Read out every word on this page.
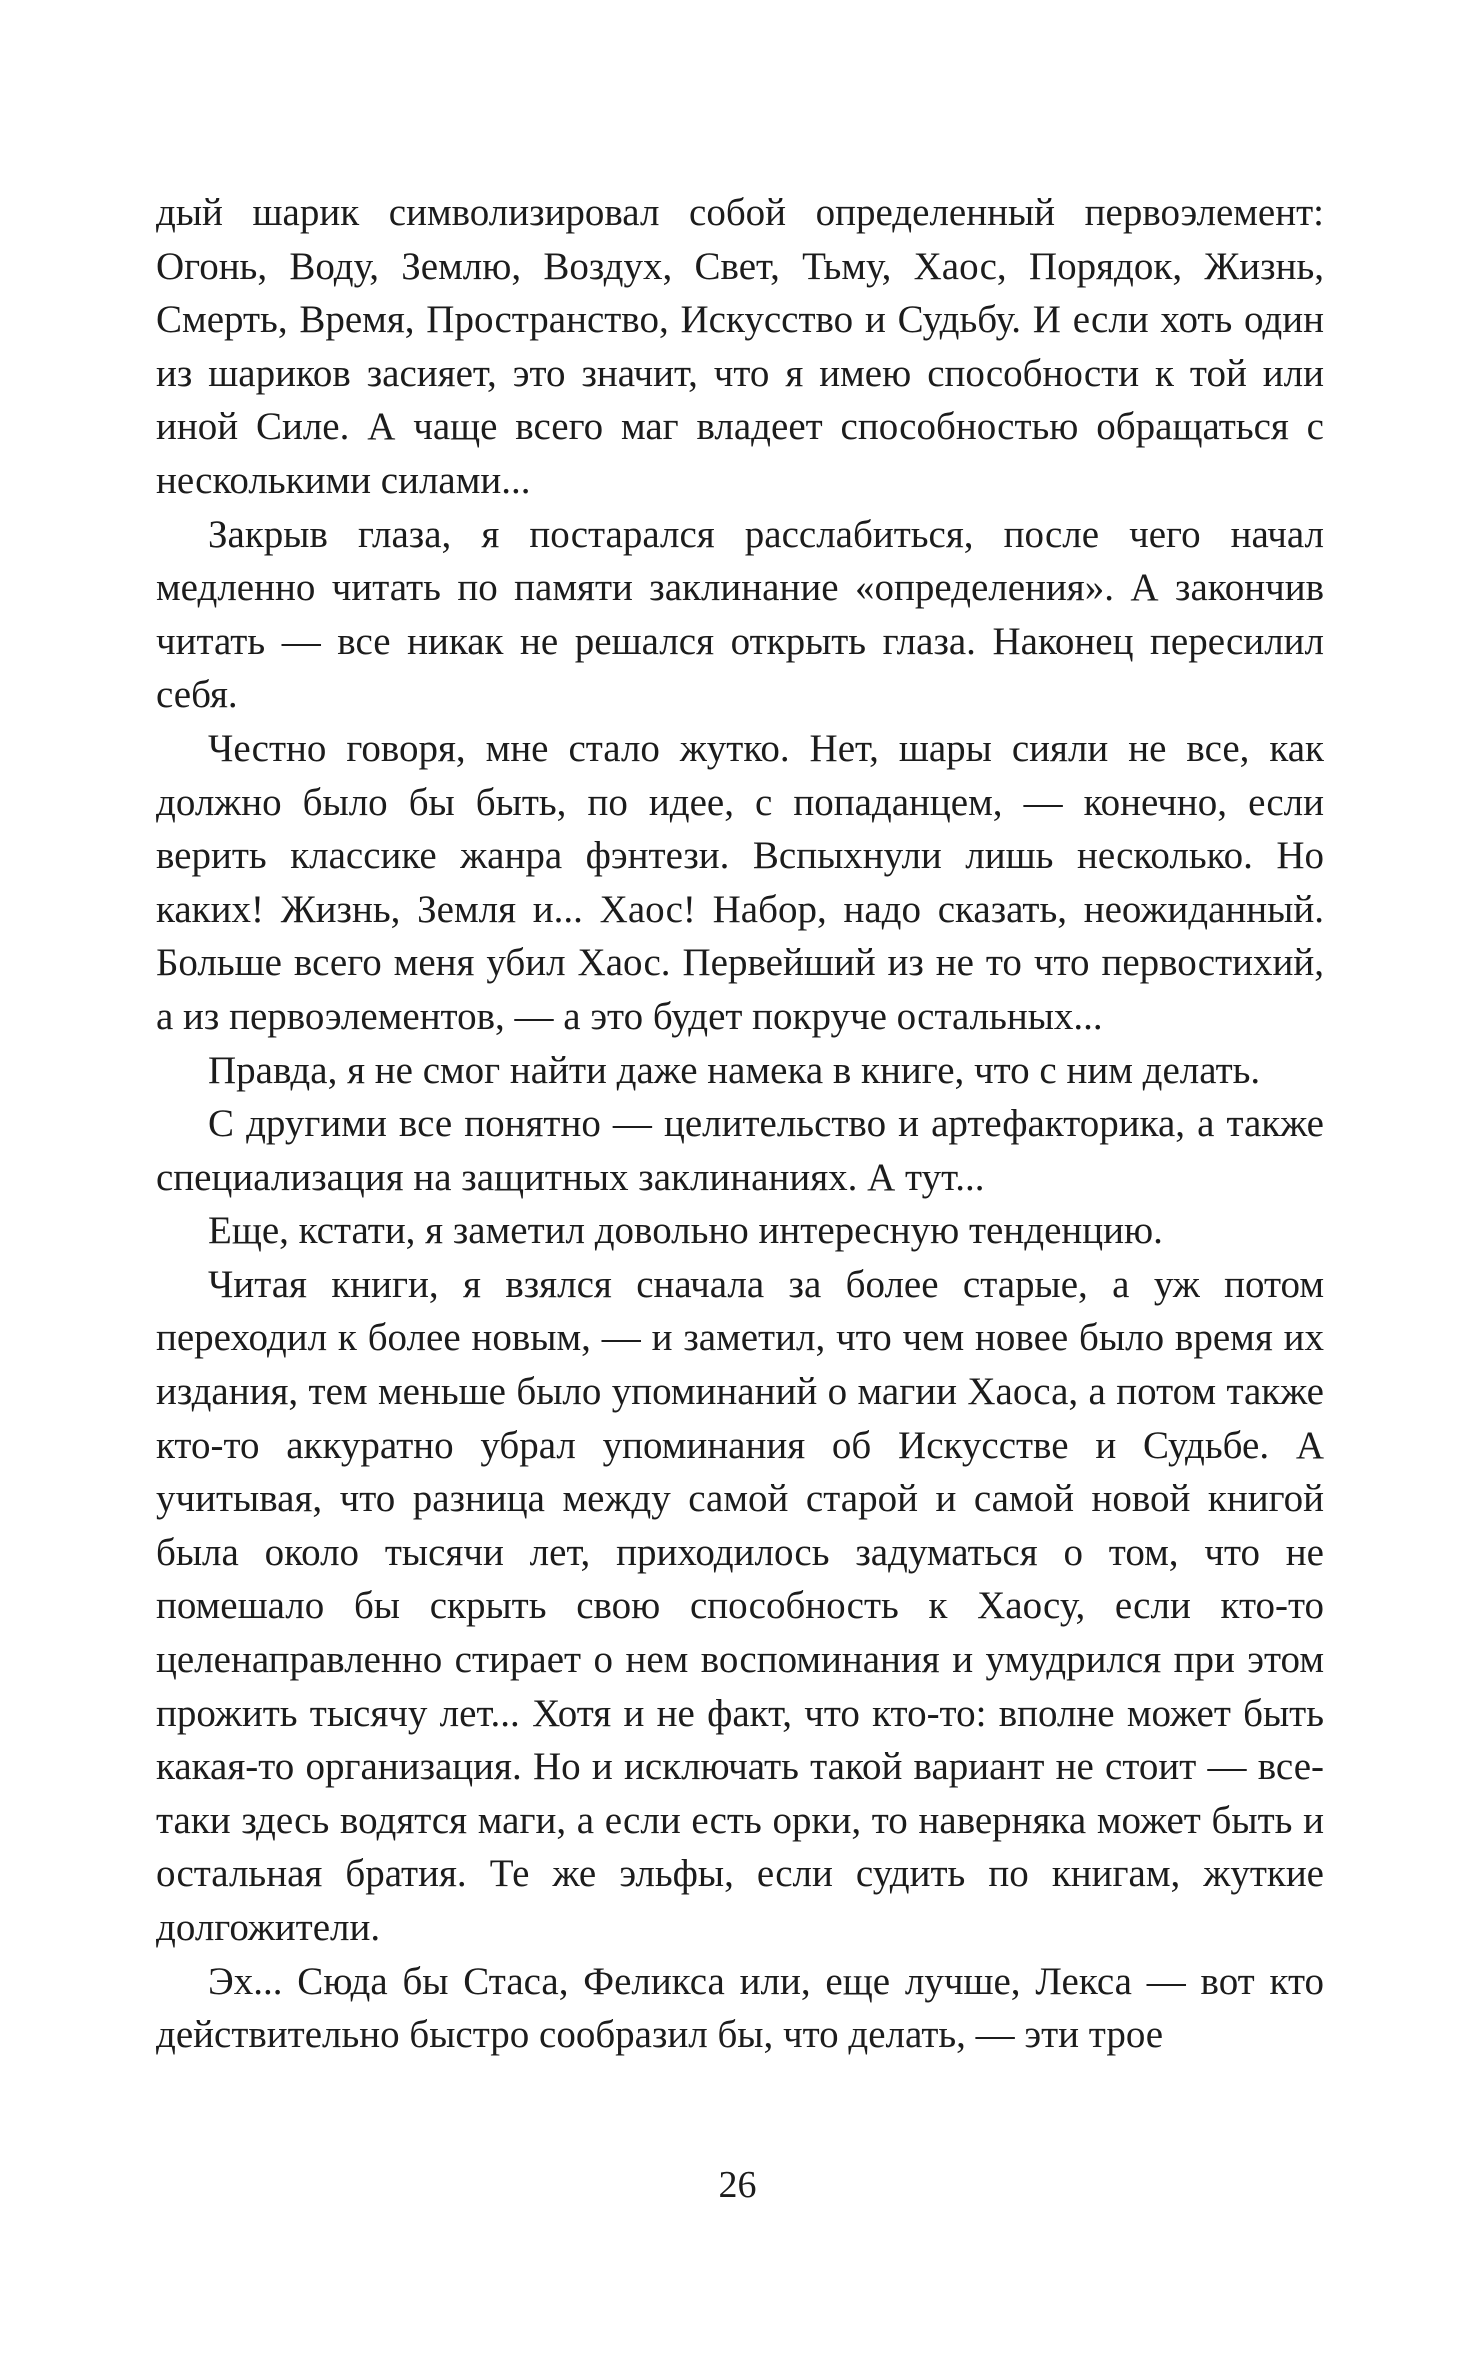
дый шарик символизировал собой определенный первоэлемент: Огонь, Воду, Землю, Воздух, Свет, Тьму, Хаос, Порядок, Жизнь, Смерть, Время, Пространство, Искусство и Судьбу. И если хоть один из шариков засияет, это значит, что я имею способности к той или иной Силе. А чаще всего маг владеет способностью обращаться с несколькими силами...

Закрыв глаза, я постарался расслабиться, после чего начал медленно читать по памяти заклинание «определения». А закончив читать — все никак не решался открыть глаза. Наконец пересилил себя.

Честно говоря, мне стало жутко. Нет, шары сияли не все, как должно было бы быть, по идее, с попаданцем, — конечно, если верить классике жанра фэнтези. Вспыхнули лишь несколько. Но каких! Жизнь, Земля и... Хаос! Набор, надо сказать, неожиданный. Больше всего меня убил Хаос. Первейший из не то что первостихий, а из первоэлементов, — а это будет покруче остальных...

Правда, я не смог найти даже намека в книге, что с ним делать.

С другими все понятно — целительство и артефакторика, а также специализация на защитных заклинаниях. А тут...

Еще, кстати, я заметил довольно интересную тенденцию.

Читая книги, я взялся сначала за более старые, а уж потом переходил к более новым, — и заметил, что чем новее было время их издания, тем меньше было упоминаний о магии Хаоса, а потом также кто-то аккуратно убрал упоминания об Искусстве и Судьбе. А учитывая, что разница между самой старой и самой новой книгой была около тысячи лет, приходилось задуматься о том, что не помешало бы скрыть свою способность к Хаосу, если кто-то целенаправленно стирает о нем воспоминания и умудрился при этом прожить тысячу лет... Хотя и не факт, что кто-то: вполне может быть какая-то организация. Но и исключать такой вариант не стоит — все-таки здесь водятся маги, а если есть орки, то наверняка может быть и остальная братия. Те же эльфы, если судить по книгам, жуткие долгожители.

Эх... Сюда бы Стаса, Феликса или, еще лучше, Лекса — вот кто действительно быстро сообразил бы, что делать, — эти трое

26
